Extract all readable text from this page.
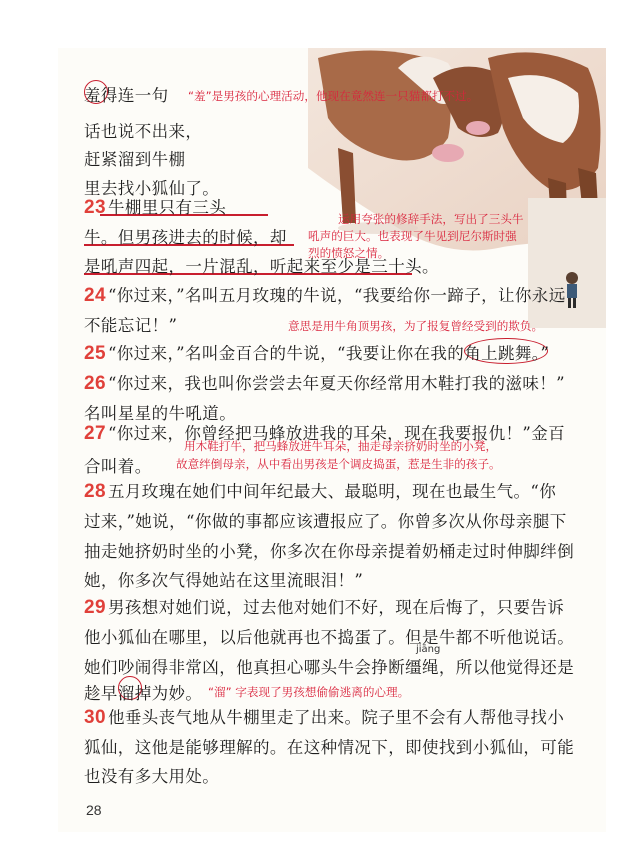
羞得连一句
话也说不出来，
赶紧溜到牛棚
里去找小狐仙了。
23 牛棚里只有三头
牛。但男孩进去的时候，却
是吼声四起，一片混乱，听起来至少是三十头。
24 “你过来，”名叫五月玫瑰的牛说，“我要给你一蹄子，让你永远
不能忘记！”
25 “你过来，”名叫金百合的牛说，“我要让你在我的角上跳舞。”
26 “你过来，我也叫你尝尝去年夏天你经常用木鞋打我的滋味！”
名叫星星的牛吼道。
27 “你过来，你曾经把马蜂放进我的耳朵，现在我要报仇！”金百
合叫着。
28 五月玫瑰在她们中间年纪最大、最聪明，现在也最生气。“你
过来，”她说，“你做的事都应该遭报应了。你曾多次从你母亲腿下
抽走她挤奶时坐的小凳，你多次在你母亲提着奶桶走过时伸脚绊倒
她，你多次气得她站在这里流眼泪！”
29 男孩想对她们说，过去他对她们不好，现在后悔了，只要告诉
他小狐仙在哪里，以后他就再也不捣蛋了。但是牛都不听他说话。
她们吵闹得非常凶，他真担心哪头牛会挣断缰绳，所以他觉得还是
趁早溜掉为妙。
30 他垂头丧气地从牛棚里走了出来。院子里不会有人帮他寻找小
狐仙，这他是能够理解的。在这种情况下，即使找到小狐仙，可能
也没有多大用处。
“羞”是男孩的心理活动，他现在竟然连一只猫都打不过。
运用夸张的修辞手法，写出了三头牛
吼声的巨大。也表现了牛见到尼尔斯时强
烈的愤怒之情。
意思是用牛角顶男孩，为了报复曾经受到的欺负。
用木鞋打牛，把马蜂放进牛耳朵，抽走母亲挤奶时坐的小凳，
故意绊倒母亲，从中看出男孩是个调皮捣蛋，惹是生非的孩子。
“溜” 字表现了男孩想偷偷逃离的心理。
jiāng
28
